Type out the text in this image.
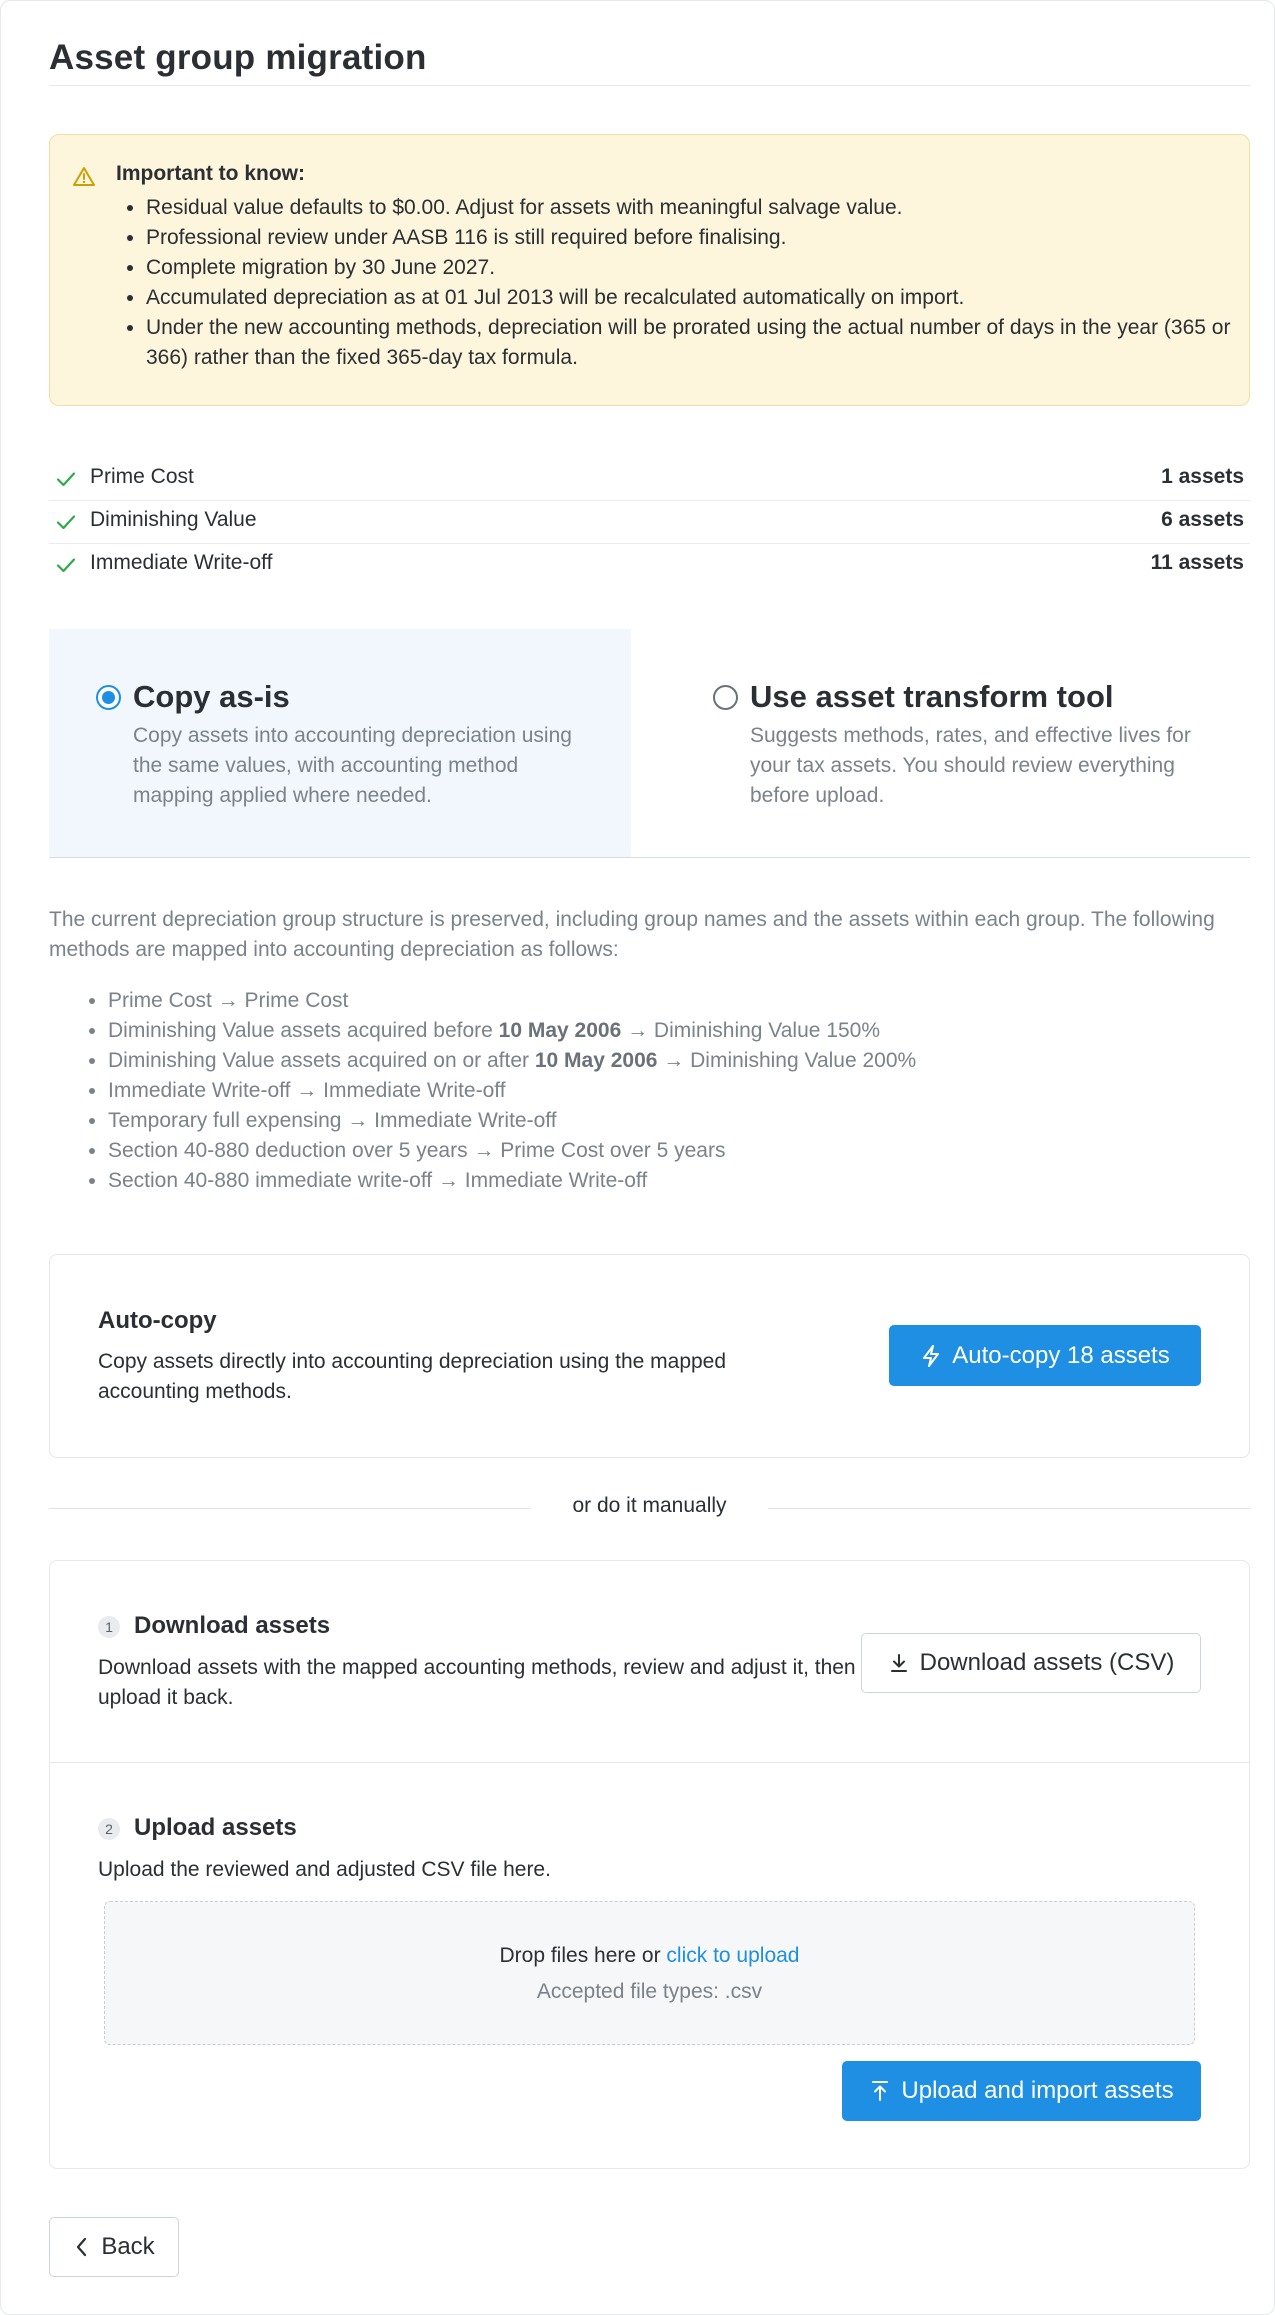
Asset group migration
Important to know:
• Residual value defaults to $0.00. Adjust for assets with meaningful salvage value.
• Professional review under AASB 116 is still required before finalising.
• Complete migration by 30 June 2027.
• Accumulated depreciation as at 01 Jul 2013 will be recalculated automatically on import.
• Under the new accounting methods, depreciation will be prorated using the actual number of days in the year (365 or 366) rather than the fixed 365-day tax formula.
Prime Cost	1 assets
Diminishing Value	6 assets
Immediate Write-off	11 assets
Copy as-is
Copy assets into accounting depreciation using the same values, with accounting method mapping applied where needed.
Use asset transform tool
Suggests methods, rates, and effective lives for your tax assets. You should review everything before upload.

The current depreciation group structure is preserved, including group names and the assets within each group. The following methods are mapped into accounting depreciation as follows:

• Prime Cost → Prime Cost
• Diminishing Value assets acquired before 10 May 2006 → Diminishing Value 150%
• Diminishing Value assets acquired on or after 10 May 2006 → Diminishing Value 200%
• Immediate Write-off → Immediate Write-off
• Temporary full expensing → Immediate Write-off
• Section 40-880 deduction over 5 years → Prime Cost over 5 years
• Section 40-880 immediate write-off → Immediate Write-off
Auto-copy
Copy assets directly into accounting depreciation using the mapped accounting methods.
Auto-copy 18 assets
or do it manually
1 Download assets
Download assets with the mapped accounting methods, review and adjust it, then upload it back.
Download assets (CSV)
2 Upload assets
Upload the reviewed and adjusted CSV file here.
Drop files here or click to upload
Accepted file types: .csv
Upload and import assets
Back
